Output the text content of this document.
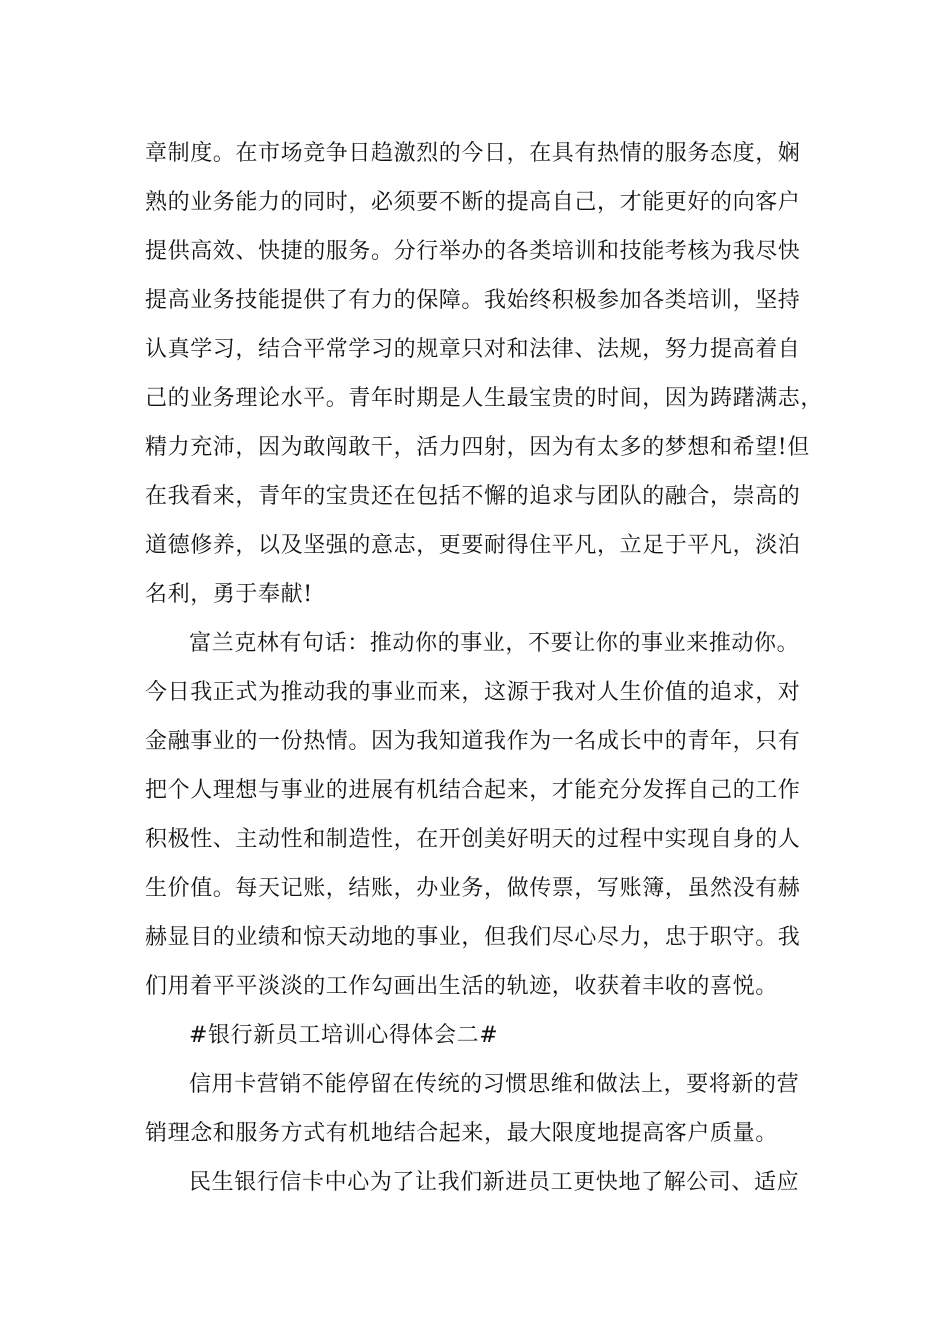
章制度。在市场竞争日趋激烈的今日，在具有热情的服务态度，娴
熟的业务能力的同时，必须要不断的提高自己，才能更好的向客户
提供高效、快捷的服务。分行举办的各类培训和技能考核为我尽快
提高业务技能提供了有力的保障。我始终积极参加各类培训，坚持
认真学习，结合平常学习的规章只对和法律、法规，努力提高着自
己的业务理论水平。青年时期是人生最宝贵的时间，因为踌躇满志，
精力充沛，因为敢闯敢干，活力四射，因为有太多的梦想和希望!但
在我看来，青年的宝贵还在包括不懈的追求与团队的融合，崇高的
道德修养，以及坚强的意志，更要耐得住平凡，立足于平凡，淡泊
名利，勇于奉献!
富兰克林有句话：推动你的事业，不要让你的事业来推动你。
今日我正式为推动我的事业而来，这源于我对人生价值的追求，对
金融事业的一份热情。因为我知道我作为一名成长中的青年，只有
把个人理想与事业的进展有机结合起来，才能充分发挥自己的工作
积极性、主动性和制造性，在开创美好明天的过程中实现自身的人
生价值。每天记账，结账，办业务，做传票，写账簿，虽然没有赫
赫显目的业绩和惊天动地的事业，但我们尽心尽力，忠于职守。我
们用着平平淡淡的工作勾画出生活的轨迹，收获着丰收的喜悦。
#银行新员工培训心得体会二#
信用卡营销不能停留在传统的习惯思维和做法上，要将新的营
销理念和服务方式有机地结合起来，最大限度地提高客户质量。
民生银行信卡中心为了让我们新进员工更快地了解公司、适应
